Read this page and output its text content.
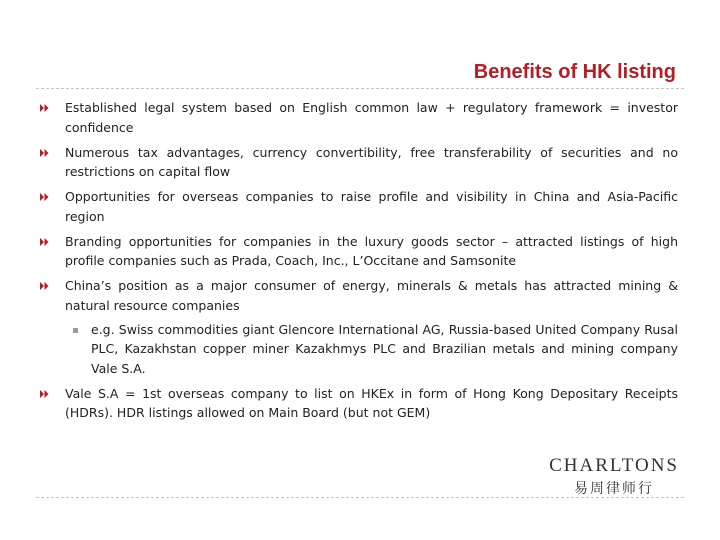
Benefits of HK listing
Established legal system based on English common law + regulatory framework = investor confidence
Numerous tax advantages, currency convertibility, free transferability of securities and no restrictions on capital flow
Opportunities for overseas companies to raise profile and visibility in China and Asia-Pacific region
Branding opportunities for companies in the luxury goods sector – attracted listings of high profile companies such as Prada, Coach, Inc., L’Occitane and Samsonite
China’s position as a major consumer of energy, minerals & metals has attracted mining & natural resource companies
e.g. Swiss commodities giant Glencore International AG, Russia-based United Company Rusal PLC, Kazakhstan copper miner Kazakhmys PLC and Brazilian metals and mining company Vale S.A.
Vale S.A = 1st overseas company to list on HKEx in form of Hong Kong Depositary Receipts (HDRs). HDR listings allowed on Main Board (but not GEM)
CHARLTONS
易周律师行
